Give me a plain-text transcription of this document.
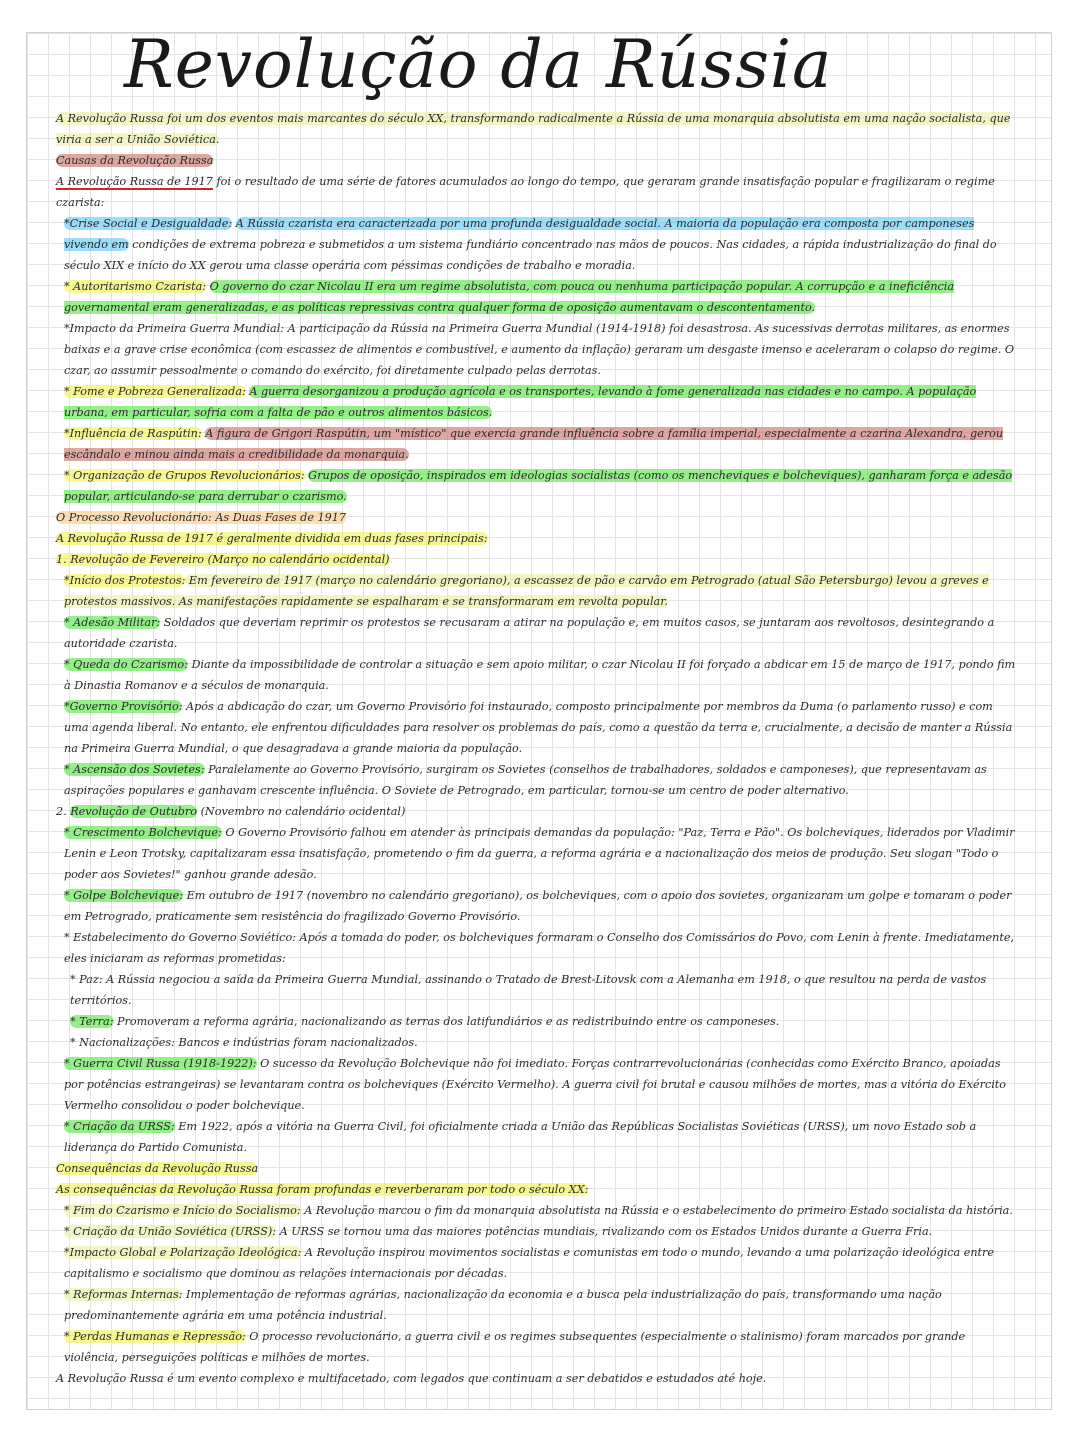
Revolução da Rússia

A Revolução Russa foi um dos eventos mais marcantes do século XX, transformando radicalmente a Rússia de uma monarquia absolutista em uma nação socialista, que viria a ser a União Soviética.

Causas da Revolução Russa

A Revolução Russa de 1917 foi o resultado de uma série de fatores acumulados ao longo do tempo, que geraram grande insatisfação popular e fragilizaram o regime czarista:

*Crise Social e Desigualdade: A Rússia czarista era caracterizada por uma profunda desigualdade social. A maioria da população era composta por camponeses vivendo em condições de extrema pobreza e submetidos a um sistema fundiário concentrado nas mãos de poucos. Nas cidades, a rápida industrialização do final do século XIX e início do XX gerou uma classe operária com péssimas condições de trabalho e moradia.

* Autoritarismo Czarista: O governo do czar Nicolau II era um regime absolutista, com pouca ou nenhuma participação popular. A corrupção e a ineficiência governamental eram generalizadas, e as políticas repressivas contra qualquer forma de oposição aumentavam o descontentamento.

*Impacto da Primeira Guerra Mundial: A participação da Rússia na Primeira Guerra Mundial (1914-1918) foi desastrosa. As sucessivas derrotas militares, as enormes baixas e a grave crise econômica (com escassez de alimentos e combustível, e aumento da inflação) geraram um desgaste imenso e aceleraram o colapso do regime. O czar, ao assumir pessoalmente o comando do exército, foi diretamente culpado pelas derrotas.

* Fome e Pobreza Generalizada: A guerra desorganizou a produção agrícola e os transportes, levando à fome generalizada nas cidades e no campo. A população urbana, em particular, sofria com a falta de pão e outros alimentos básicos.

*Influência de Raspútin: A figura de Grigori Raspútin, um "místico" que exercia grande influência sobre a família imperial, especialmente a czarina Alexandra, gerou escândalo e minou ainda mais a credibilidade da monarquia.

* Organização de Grupos Revolucionários: Grupos de oposição, inspirados em ideologias socialistas (como os mencheviques e bolcheviques), ganharam força e adesão popular, articulando-se para derrubar o czarismo.

O Processo Revolucionário: As Duas Fases de 1917

A Revolução Russa de 1917 é geralmente dividida em duas fases principais:

1. Revolução de Fevereiro (Março no calendário ocidental)

*Início dos Protestos: Em fevereiro de 1917 (março no calendário gregoriano), a escassez de pão e carvão em Petrogrado (atual São Petersburgo) levou a greves e protestos massivos. As manifestações rapidamente se espalharam e se transformaram em revolta popular.

* Adesão Militar: Soldados que deveriam reprimir os protestos se recusaram a atirar na população e, em muitos casos, se juntaram aos revoltosos, desintegrando a autoridade czarista.

* Queda do Czarismo: Diante da impossibilidade de controlar a situação e sem apoio militar, o czar Nicolau II foi forçado a abdicar em 15 de março de 1917, pondo fim à Dinastia Romanov e a séculos de monarquia.

*Governo Provisório: Após a abdicação do czar, um Governo Provisório foi instaurado, composto principalmente por membros da Duma (o parlamento russo) e com uma agenda liberal. No entanto, ele enfrentou dificuldades para resolver os problemas do país, como a questão da terra e, crucialmente, a decisão de manter a Rússia na Primeira Guerra Mundial, o que desagradava a grande maioria da população.

* Ascensão dos Sovietes: Paralelamente ao Governo Provisório, surgiram os Sovietes (conselhos de trabalhadores, soldados e camponeses), que representavam as aspirações populares e ganhavam crescente influência. O Soviete de Petrogrado, em particular, tornou-se um centro de poder alternativo.

2. Revolução de Outubro (Novembro no calendário ocidental)

* Crescimento Bolchevique: O Governo Provisório falhou em atender às principais demandas da população: "Paz, Terra e Pão". Os bolcheviques, liderados por Vladimir Lenin e Leon Trotsky, capitalizaram essa insatisfação, prometendo o fim da guerra, a reforma agrária e a nacionalização dos meios de produção. Seu slogan "Todo o poder aos Sovietes!" ganhou grande adesão.

* Golpe Bolchevique: Em outubro de 1917 (novembro no calendário gregoriano), os bolcheviques, com o apoio dos sovietes, organizaram um golpe e tomaram o poder em Petrogrado, praticamente sem resistência do fragilizado Governo Provisório.

* Estabelecimento do Governo Soviético: Após a tomada do poder, os bolcheviques formaram o Conselho dos Comissários do Povo, com Lenin à frente. Imediatamente, eles iniciaram as reformas prometidas:

* Paz: A Rússia negociou a saída da Primeira Guerra Mundial, assinando o Tratado de Brest-Litovsk com a Alemanha em 1918, o que resultou na perda de vastos territórios.

* Terra: Promoveram a reforma agrária, nacionalizando as terras dos latifundiários e as redistribuindo entre os camponeses.

* Nacionalizações: Bancos e indústrias foram nacionalizados.

* Guerra Civil Russa (1918-1922): O sucesso da Revolução Bolchevique não foi imediato. Forças contrarrevolucionárias (conhecidas como Exército Branco, apoiadas por potências estrangeiras) se levantaram contra os bolcheviques (Exército Vermelho). A guerra civil foi brutal e causou milhões de mortes, mas a vitória do Exército Vermelho consolidou o poder bolchevique.

* Criação da URSS: Em 1922, após a vitória na Guerra Civil, foi oficialmente criada a União das Repúblicas Socialistas Soviéticas (URSS), um novo Estado sob a liderança do Partido Comunista.

Consequências da Revolução Russa

As consequências da Revolução Russa foram profundas e reverberaram por todo o século XX:

* Fim do Czarismo e Início do Socialismo: A Revolução marcou o fim da monarquia absolutista na Rússia e o estabelecimento do primeiro Estado socialista da história.

* Criação da União Soviética (URSS): A URSS se tornou uma das maiores potências mundiais, rivalizando com os Estados Unidos durante a Guerra Fria.

*Impacto Global e Polarização Ideológica: A Revolução inspirou movimentos socialistas e comunistas em todo o mundo, levando a uma polarização ideológica entre capitalismo e socialismo que dominou as relações internacionais por décadas.

* Reformas Internas: Implementação de reformas agrárias, nacionalização da economia e a busca pela industrialização do país, transformando uma nação predominantemente agrária em uma potência industrial.

* Perdas Humanas e Repressão: O processo revolucionário, a guerra civil e os regimes subsequentes (especialmente o stalinismo) foram marcados por grande violência, perseguições políticas e milhões de mortes.

A Revolução Russa é um evento complexo e multifacetado, com legados que continuam a ser debatidos e estudados até hoje.
